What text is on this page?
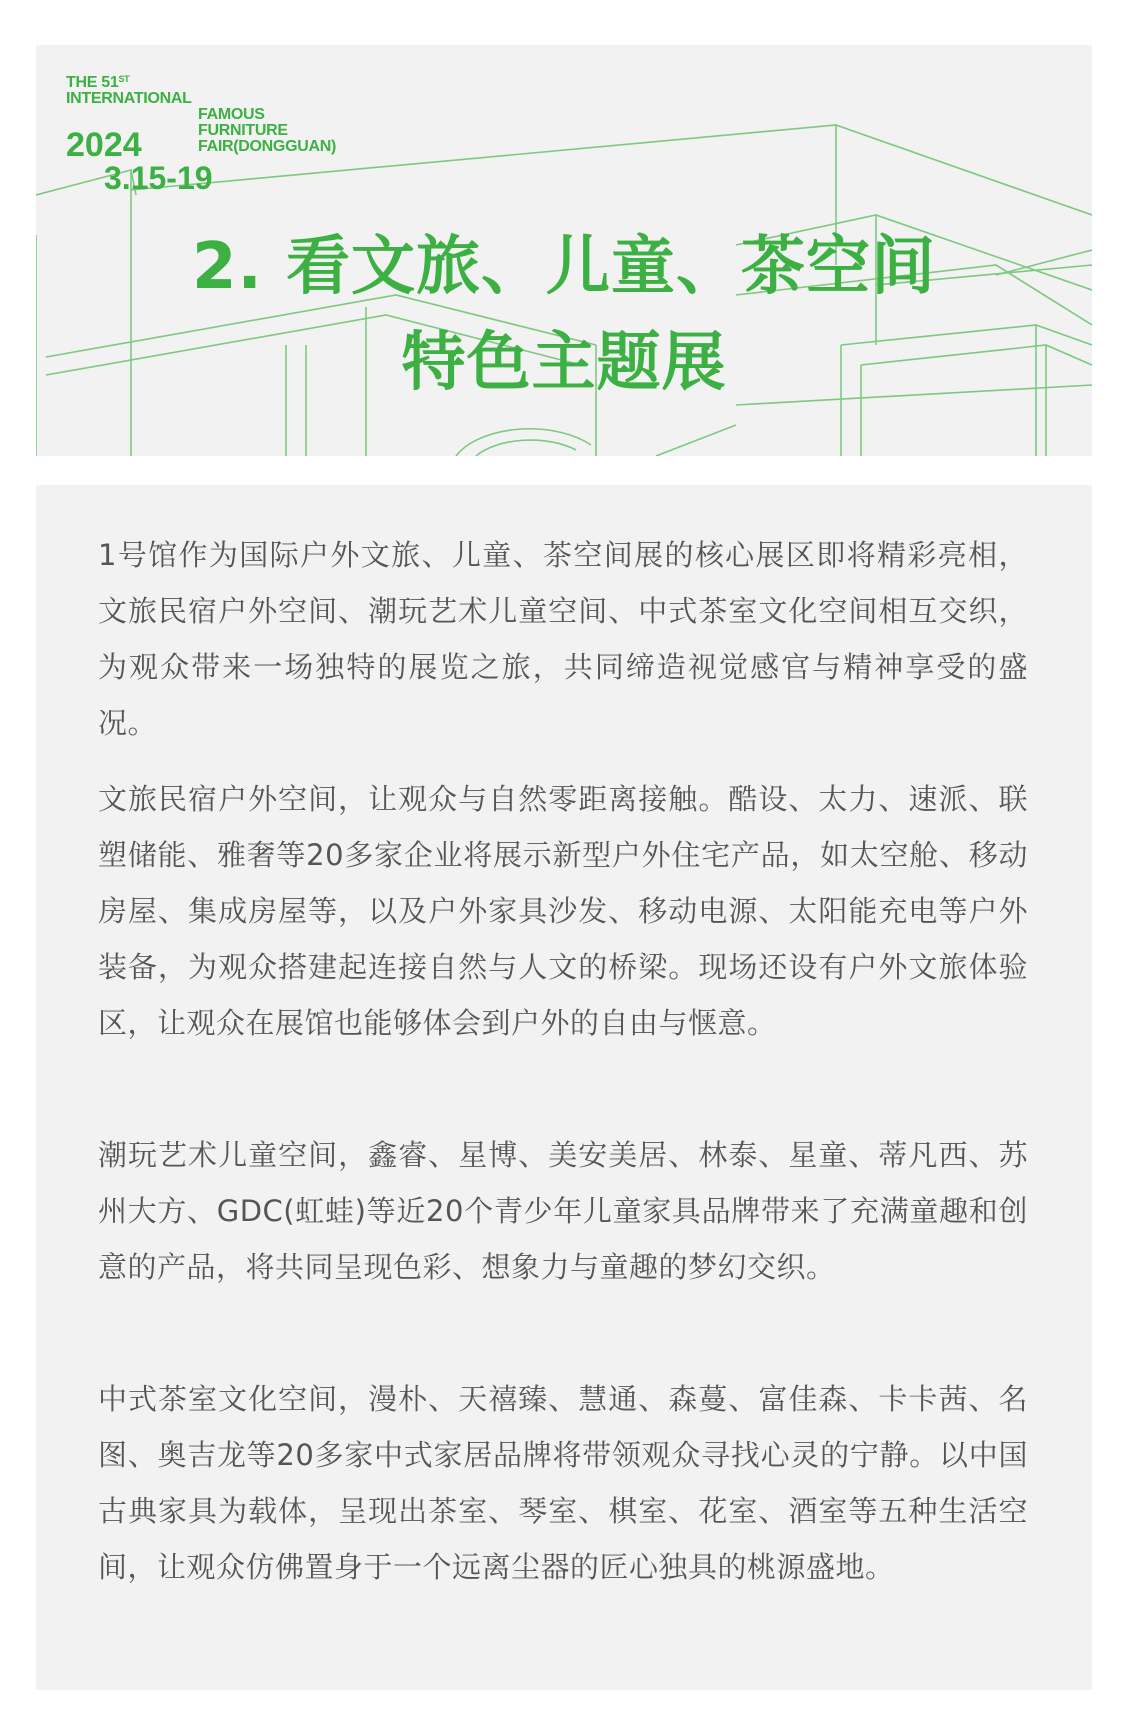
THE 51ST
INTERNATIONAL
FAMOUS
FURNITURE
FAIR(DONGGUAN)
2024
3.15-19
2. 看文旅、儿童、茶空间
特色主题展
1号馆作为国际户外文旅、儿童、茶空间展的核心展区即将精彩亮相，文旅民宿户外空间、潮玩艺术儿童空间、中式茶室文化空间相互交织，为观众带来一场独特的展览之旅，共同缔造视觉感官与精神享受的盛况。
文旅民宿户外空间，让观众与自然零距离接触。酷设、太力、速派、联塑储能、雅奢等20多家企业将展示新型户外住宅产品，如太空舱、移动房屋、集成房屋等，以及户外家具沙发、移动电源、太阳能充电等户外装备，为观众搭建起连接自然与人文的桥梁。现场还设有户外文旅体验区，让观众在展馆也能够体会到户外的自由与惬意。
潮玩艺术儿童空间，鑫睿、星博、美安美居、林泰、星童、蒂凡西、苏州大方、GDC(虹蛙)等近20个青少年儿童家具品牌带来了充满童趣和创意的产品，将共同呈现色彩、想象力与童趣的梦幻交织。
中式茶室文化空间，漫朴、天禧臻、慧通、森蔓、富佳森、卡卡茜、名图、奥吉龙等20多家中式家居品牌将带领观众寻找心灵的宁静。以中国古典家具为载体，呈现出茶室、琴室、棋室、花室、酒室等五种生活空间，让观众仿佛置身于一个远离尘器的匠心独具的桃源盛地。
